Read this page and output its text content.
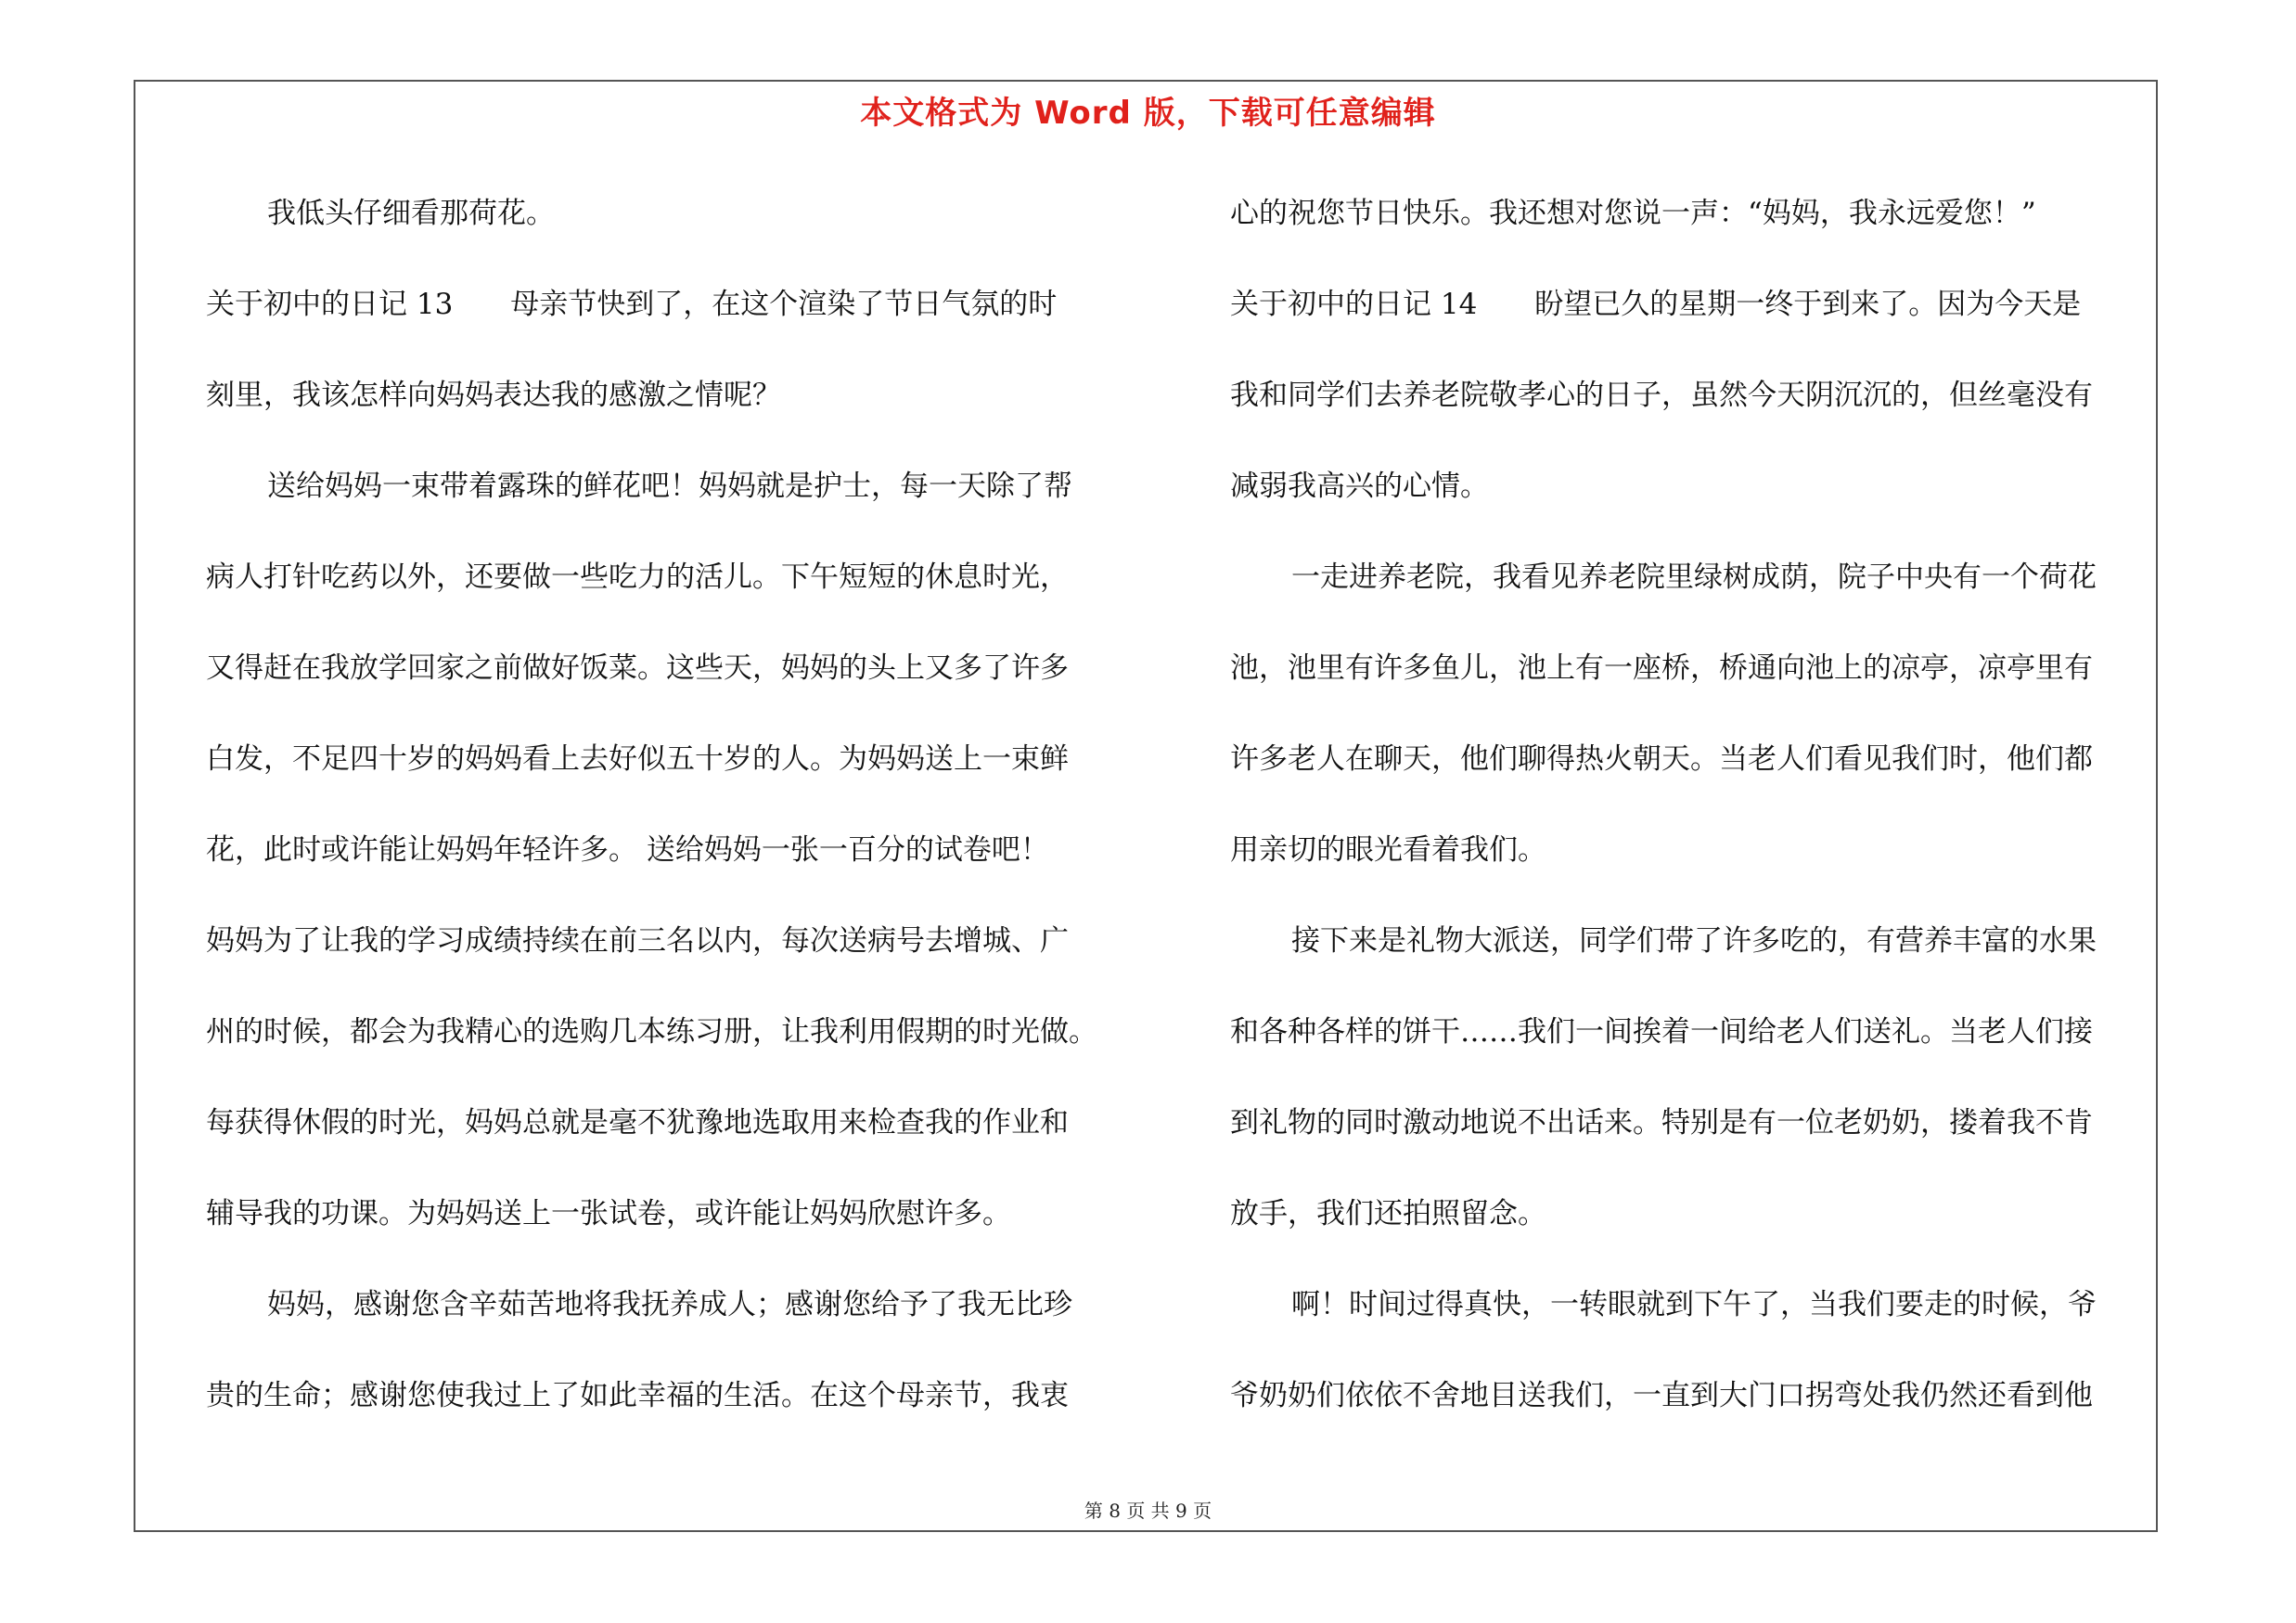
本文格式为 Word 版，下载可任意编辑
我低头仔细看那荷花。
关于初中的日记 13　　母亲节快到了，在这个渲染了节日气氛的时
刻里，我该怎样向妈妈表达我的感激之情呢？
送给妈妈一束带着露珠的鲜花吧！妈妈就是护士，每一天除了帮
病人打针吃药以外，还要做一些吃力的活儿。下午短短的休息时光，
又得赶在我放学回家之前做好饭菜。这些天，妈妈的头上又多了许多
白发，不足四十岁的妈妈看上去好似五十岁的人。为妈妈送上一束鲜
花，此时或许能让妈妈年轻许多。 送给妈妈一张一百分的试卷吧！
妈妈为了让我的学习成绩持续在前三名以内，每次送病号去增城、广
州的时候，都会为我精心的选购几本练习册，让我利用假期的时光做。
每获得休假的时光，妈妈总就是毫不犹豫地选取用来检查我的作业和
辅导我的功课。为妈妈送上一张试卷，或许能让妈妈欣慰许多。
妈妈，感谢您含辛茹苦地将我抚养成人；感谢您给予了我无比珍
贵的生命；感谢您使我过上了如此幸福的生活。在这个母亲节，我衷
心的祝您节日快乐。我还想对您说一声：“妈妈，我永远爱您！”
关于初中的日记 14　　盼望已久的星期一终于到来了。因为今天是
我和同学们去养老院敬孝心的日子，虽然今天阴沉沉的，但丝毫没有
减弱我高兴的心情。
一走进养老院，我看见养老院里绿树成荫，院子中央有一个荷花
池，池里有许多鱼儿，池上有一座桥，桥通向池上的凉亭，凉亭里有
许多老人在聊天，他们聊得热火朝天。当老人们看见我们时，他们都
用亲切的眼光看着我们。
接下来是礼物大派送，同学们带了许多吃的，有营养丰富的水果
和各种各样的饼干……我们一间挨着一间给老人们送礼。当老人们接
到礼物的同时激动地说不出话来。特别是有一位老奶奶，搂着我不肯
放手，我们还拍照留念。
啊！时间过得真快，一转眼就到下午了，当我们要走的时候，爷
爷奶奶们依依不舍地目送我们，一直到大门口拐弯处我仍然还看到他
第 8 页 共 9 页
